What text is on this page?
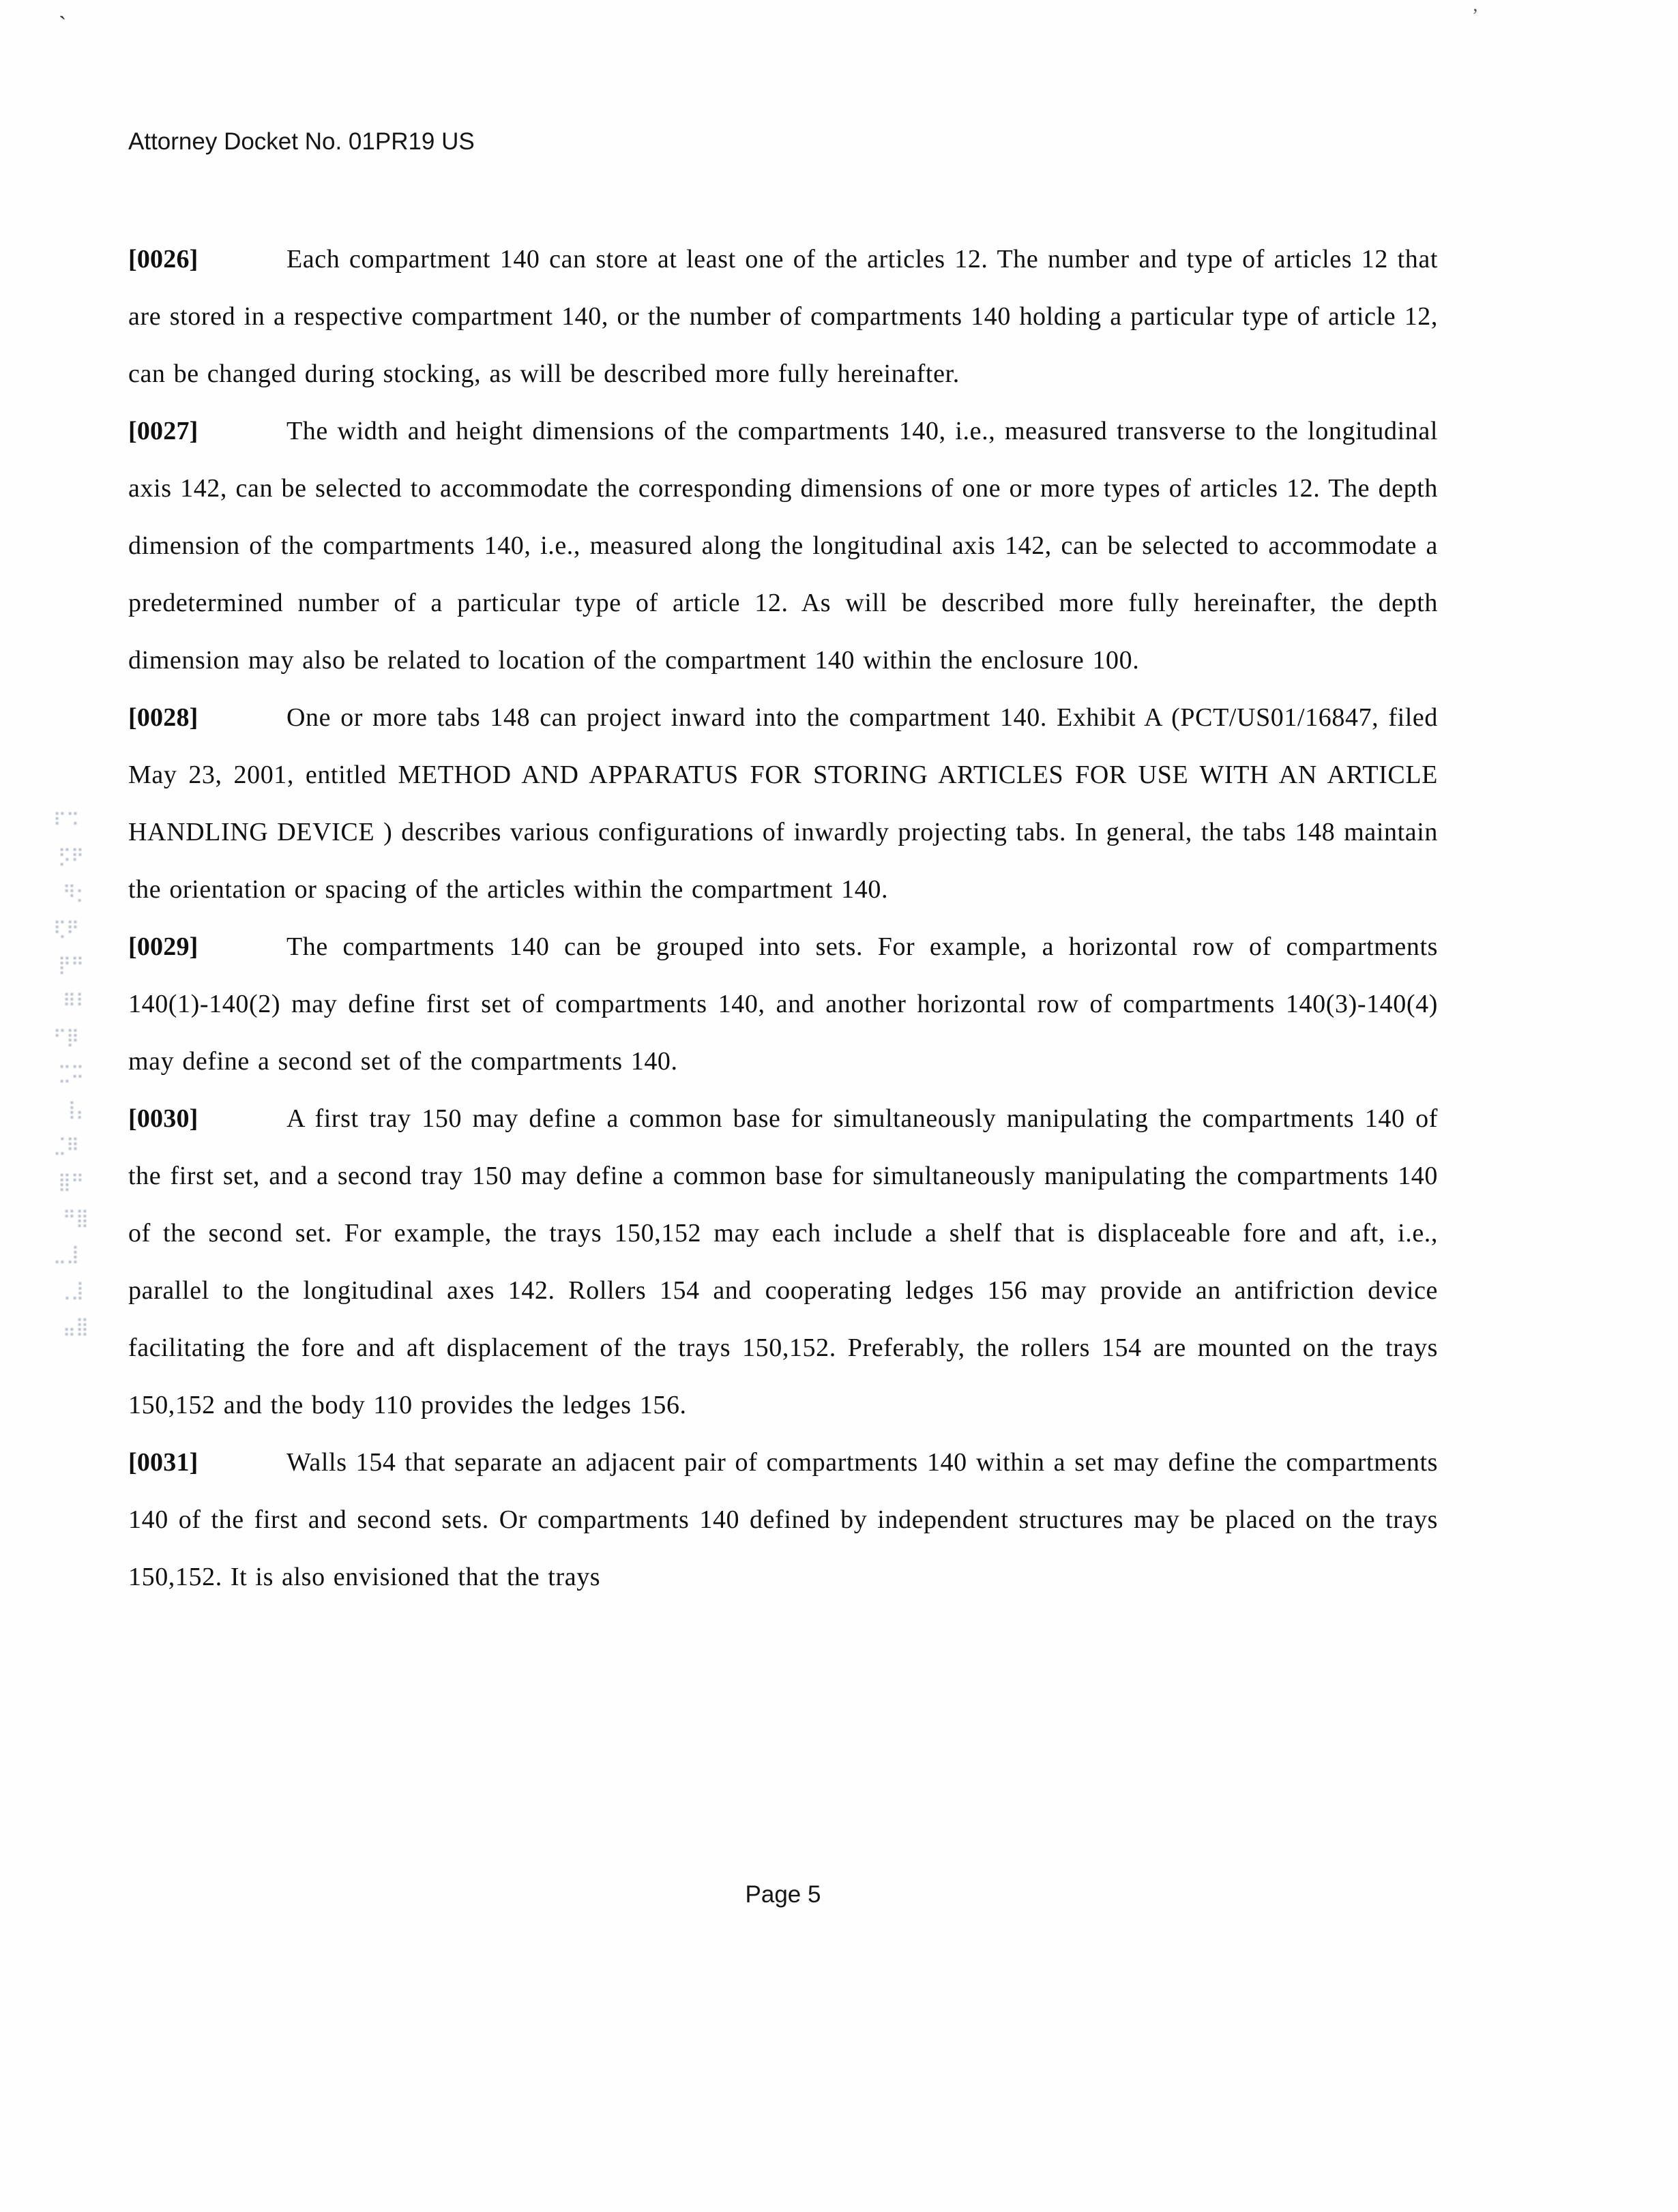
`	ʼ
Attorney Docket No. 01PR19 US
⠏⠩
⡫⠟
⠻⡂
⢏⠟
⡟⠛
⠿⠇
⠋⡿
⣉⠭
⢸⡄
⣈⠿
⣿⠛
⠛⣿
⣀⣸
⢀⣸
⣤⣿

[0026]	Each compartment 140 can store at least one of the articles 12. The number and type of articles 12 that are stored in a respective compartment 140, or the number of compartments 140 holding a particular type of article 12, can be changed during stocking, as will be described more fully hereinafter.

[0027]	The width and height dimensions of the compartments 140, i.e., measured transverse to the longitudinal axis 142, can be selected to accommodate the corresponding dimensions of one or more types of articles 12. The depth dimension of the compartments 140, i.e., measured along the longitudinal axis 142, can be selected to accommodate a predetermined number of a particular type of article 12. As will be described more fully hereinafter, the depth dimension may also be related to location of the compartment 140 within the enclosure 100.

[0028]	One or more tabs 148 can project inward into the compartment 140. Exhibit A (PCT/US01/16847, filed May 23, 2001, entitled METHOD AND APPARATUS FOR STORING ARTICLES FOR USE WITH AN ARTICLE HANDLING DEVICE ) describes various configurations of inwardly projecting tabs. In general, the tabs 148 maintain the orientation or spacing of the articles within the compartment 140.

[0029]	The compartments 140 can be grouped into sets. For example, a horizontal row of compartments 140(1)-140(2) may define first set of compartments 140, and another horizontal row of compartments 140(3)-140(4) may define a second set of the compartments 140.

[0030]	A first tray 150 may define a common base for simultaneously manipulating the compartments 140 of the first set, and a second tray 150 may define a common base for simultaneously manipulating the compartments 140 of the second set. For example, the trays 150,152 may each include a shelf that is displaceable fore and aft, i.e., parallel to the longitudinal axes 142. Rollers 154 and cooperating ledges 156 may provide an antifriction device facilitating the fore and aft displacement of the trays 150,152. Preferably, the rollers 154 are mounted on the trays 150,152 and the body 110 provides the ledges 156.

[0031]	Walls 154 that separate an adjacent pair of compartments 140 within a set may define the compartments 140 of the first and second sets. Or compartments 140 defined by independent structures may be placed on the trays 150,152. It is also envisioned that the trays

Page 5
